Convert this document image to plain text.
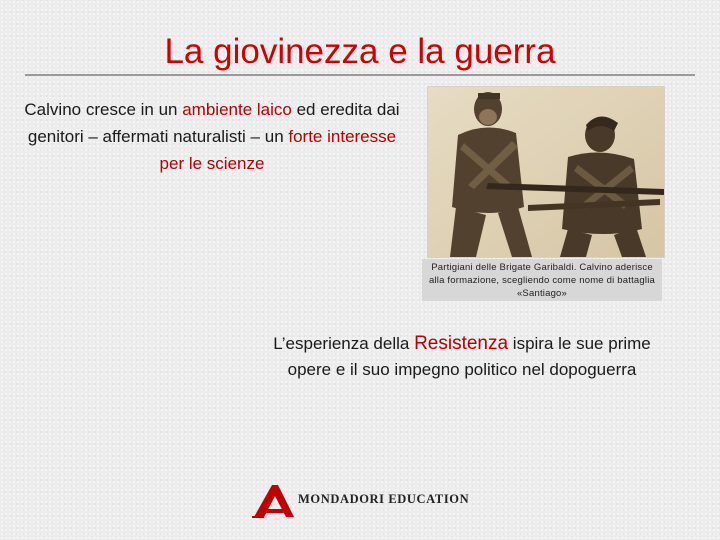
La giovinezza e la guerra

Calvino cresce in un ambiente laico ed eredita dai genitori – affermati naturalisti – un forte interesse per le scienze

Partigiani delle Brigate Garibaldi. Calvino aderisce alla formazione, scegliendo come nome di battaglia «Santiago»

L’esperienza della Resistenza ispira le sue prime opere e il suo impegno politico nel dopoguerra

MONDADORI EDUCATION
